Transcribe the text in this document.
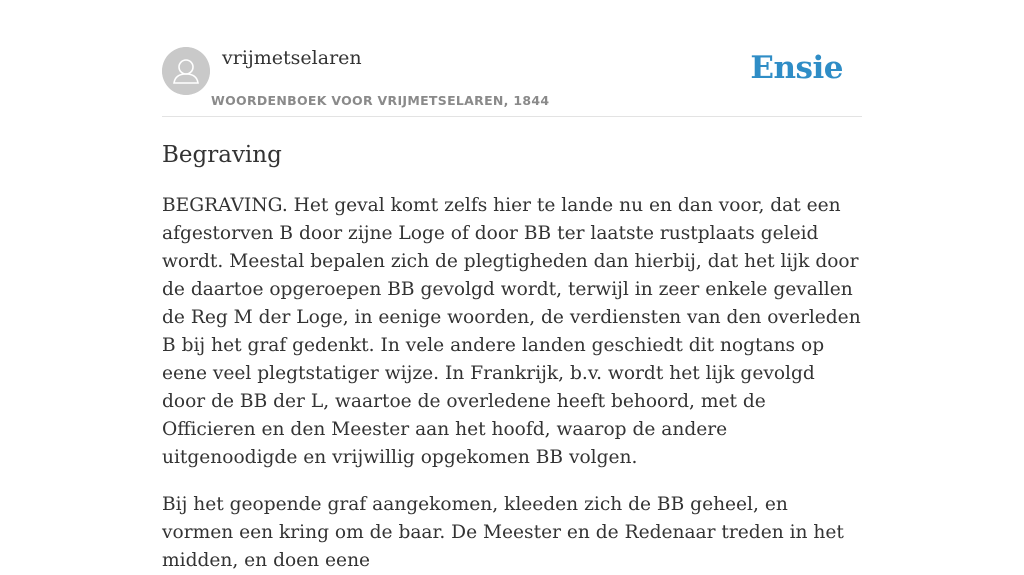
vrijmetselaren
WOORDENBOEK VOOR VRIJMETSELAREN, 1844
Ensie
Begraving

BEGRAVING. Het geval komt zelfs hier te lande nu en dan voor, dat een afgestorven B door zijne Loge of door BB ter laatste rustplaats geleid wordt. Meestal bepalen zich de plegtigheden dan hierbij, dat het lijk door de daartoe opgeroepen BB gevolgd wordt, terwijl in zeer enkele gevallen de Reg M der Loge, in eenige woorden, de verdiensten van den overleden B bij het graf gedenkt. In vele andere landen geschiedt dit nogtans op eene veel plegtstatiger wijze. In Frankrijk, b.v. wordt het lijk gevolgd door de BB der L, waartoe de overledene heeft behoord, met de Officieren en den Meester aan het hoofd, waarop de andere uitgenoodigde en vrijwillig opgekomen BB volgen.

Bij het geopende graf aangekomen, kleeden zich de BB geheel, en vormen een kring om de baar. De Meester en de Redenaar treden in het midden, en doen eene
